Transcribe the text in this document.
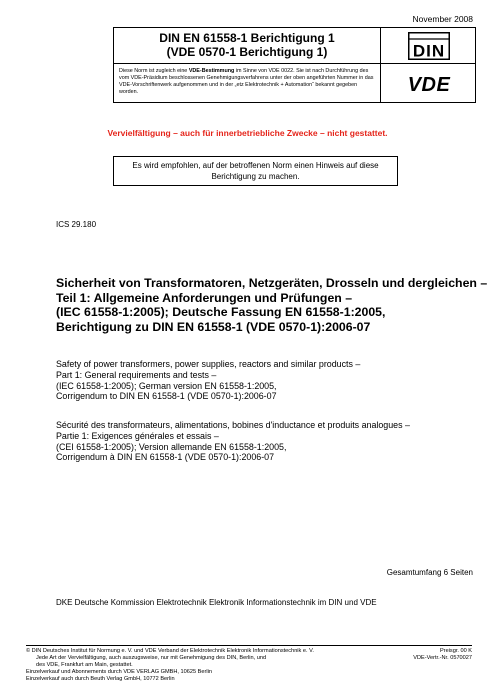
November 2008
DIN EN 61558-1 Berichtigung 1
(VDE 0570-1 Berichtigung 1)
Diese Norm ist zugleich eine VDE-Bestimmung im Sinne von VDE 0022. Sie ist nach Durchführung des vom VDE-Präsidium beschlossenen Genehmigungsverfahrens unter der oben angeführten Nummer in das VDE-Vorschriftenwerk aufgenommen und in der „etz Elektrotechnik + Automation“ bekannt gegeben worden.
DIN
VDE
Vervielfältigung – auch für innerbetriebliche Zwecke – nicht gestattet.
Es wird empfohlen, auf der betroffenen Norm einen Hinweis auf diese
Berichtigung zu machen.
ICS 29.180
Sicherheit von Transformatoren, Netzgeräten, Drosseln und dergleichen –
Teil 1: Allgemeine Anforderungen und Prüfungen –
(IEC 61558-1:2005); Deutsche Fassung EN 61558-1:2005,
Berichtigung zu DIN EN 61558-1 (VDE 0570-1):2006-07
Safety of power transformers, power supplies, reactors and similar products –
Part 1: General requirements and tests –
(IEC 61558-1:2005); German version EN 61558-1:2005,
Corrigendum to DIN EN 61558-1 (VDE 0570-1):2006-07
Sécurité des transformateurs, alimentations, bobines d'inductance et produits analogues –
Partie 1: Exigences générales et essais –
(CEI 61558-1:2005); Version allemande EN 61558-1:2005,
Corrigendum à DIN EN 61558-1 (VDE 0570-1):2006-07
Gesamtumfang 6 Seiten
DKE Deutsche Kommission Elektrotechnik Elektronik Informationstechnik im DIN und VDE
© DIN Deutsches Institut für Normung e. V. und VDE Verband der Elektrotechnik Elektronik Informationstechnik e. V.
Jede Art der Vervielfältigung, auch auszugsweise, nur mit Genehmigung des DIN, Berlin, und
des VDE, Frankfurt am Main, gestattet.
Einzelverkauf und Abonnements durch VDE VERLAG GMBH, 10625 Berlin
Einzelverkauf auch durch Beuth Verlag GmbH, 10772 Berlin
Preisgr. 00 K
VDE-Vertr.-Nr. 0570027
